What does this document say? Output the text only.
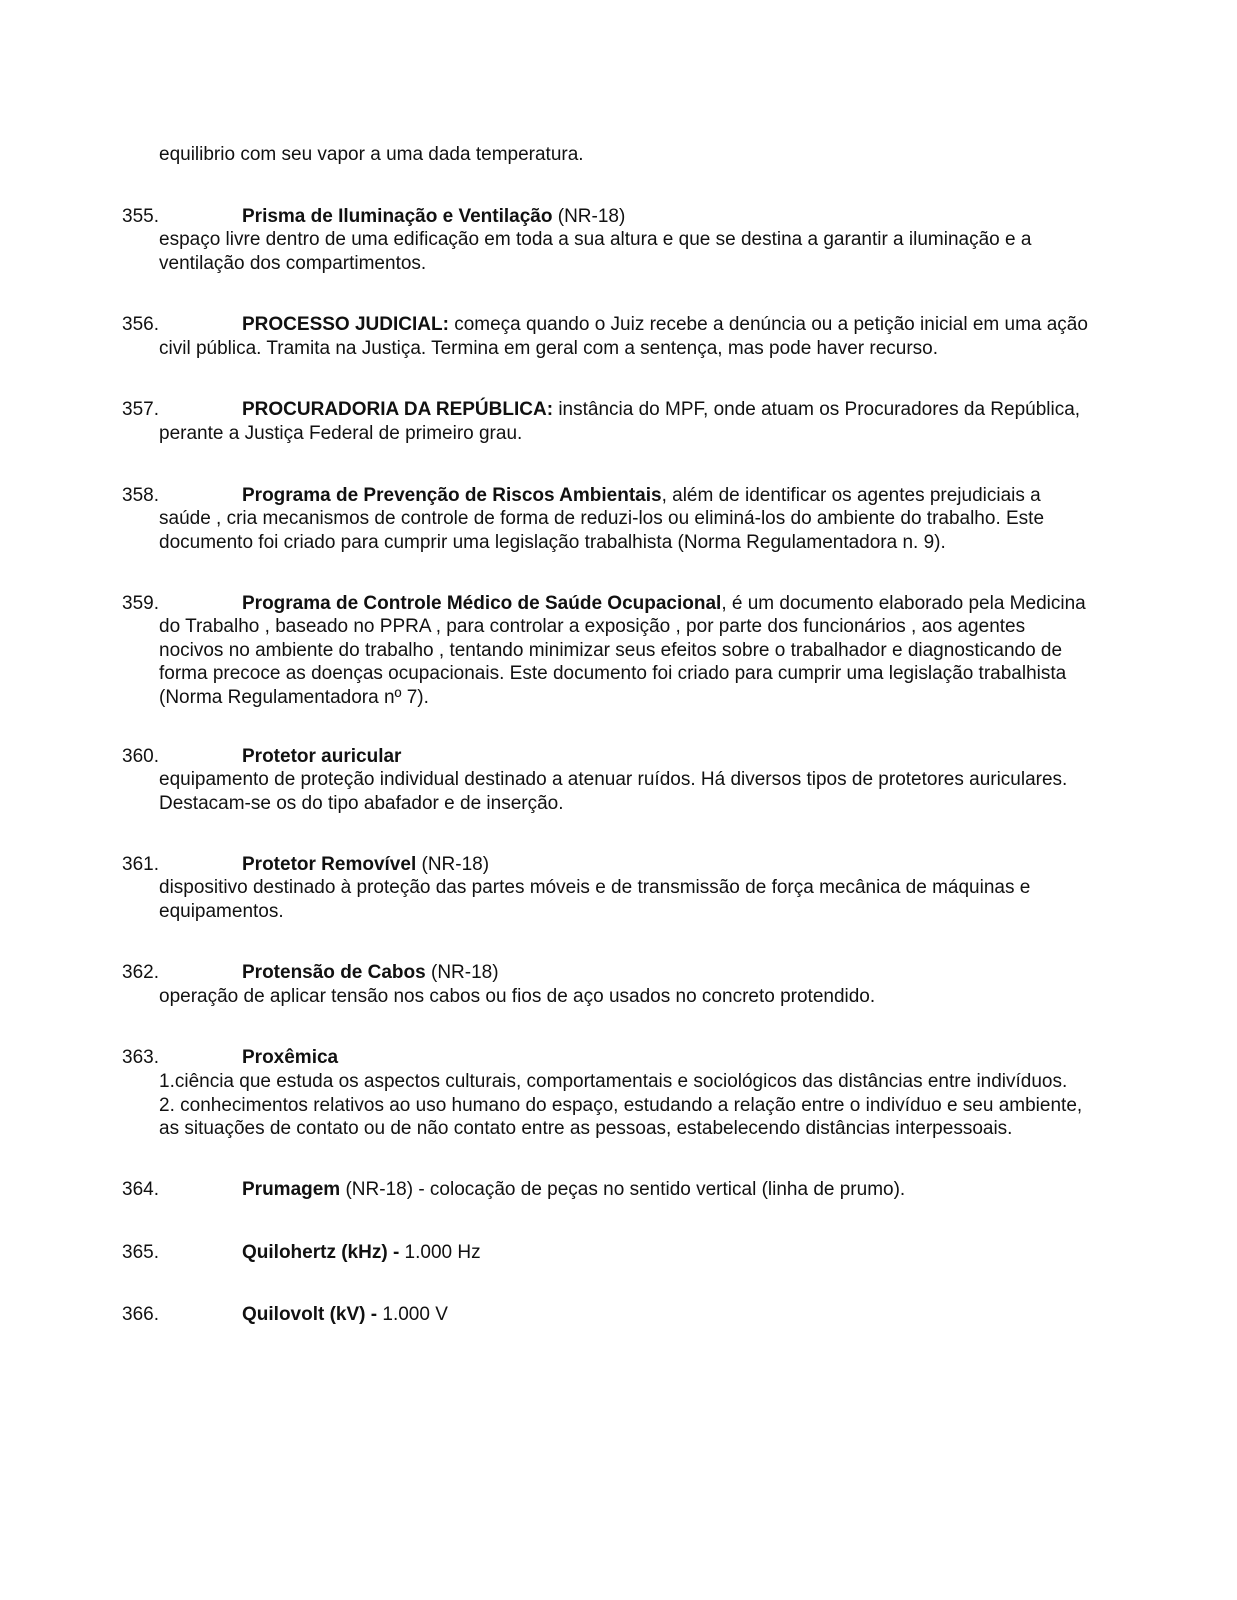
equilibrio com seu vapor a uma dada temperatura.
355.	Prisma de Iluminação e Ventilação (NR-18)
espaço livre dentro de uma edificação em toda a sua altura e que se destina a garantir a iluminação e a
ventilação dos compartimentos.
356.	PROCESSO JUDICIAL: começa quando o Juiz recebe a denúncia ou a petição inicial em uma ação
civil pública. Tramita na Justiça. Termina em geral com a sentença, mas pode haver recurso.
357.	PROCURADORIA DA REPÚBLICA: instância do MPF, onde atuam os Procuradores da República,
perante a Justiça Federal de primeiro grau.
358.	Programa de Prevenção de Riscos Ambientais, além de identificar os agentes prejudiciais a
saúde , cria mecanismos de controle de forma de reduzi-los ou eliminá-los do ambiente do trabalho. Este
documento foi criado para cumprir uma legislação trabalhista (Norma Regulamentadora n. 9).
359.	Programa de Controle Médico de Saúde Ocupacional, é um documento elaborado pela Medicina
do Trabalho , baseado no PPRA , para controlar a exposição , por parte dos funcionários , aos agentes
nocivos no ambiente do trabalho , tentando minimizar seus efeitos sobre o trabalhador e diagnosticando de
forma precoce as doenças ocupacionais. Este documento foi criado para cumprir uma legislação trabalhista
(Norma Regulamentadora nº 7).
360.	Protetor auricular
equipamento de proteção individual destinado a atenuar ruídos. Há diversos tipos de protetores auriculares.
Destacam-se os do tipo abafador e de inserção.
361.	Protetor Removível (NR-18)
dispositivo destinado à proteção das partes móveis e de transmissão de força mecânica de máquinas e
equipamentos.
362.	Protensão de Cabos (NR-18)
operação de aplicar tensão nos cabos ou fios de aço usados no concreto protendido.
363.	Proxêmica
1.ciência que estuda os aspectos culturais, comportamentais e sociológicos das distâncias entre indivíduos.
2. conhecimentos relativos ao uso humano do espaço, estudando a relação entre o indivíduo e seu ambiente,
as situações de contato ou de não contato entre as pessoas, estabelecendo distâncias interpessoais.
364.	Prumagem (NR-18) - colocação de peças no sentido vertical (linha de prumo).
365.	Quilohertz (kHz) - 1.000 Hz
366.	Quilovolt (kV) - 1.000 V
